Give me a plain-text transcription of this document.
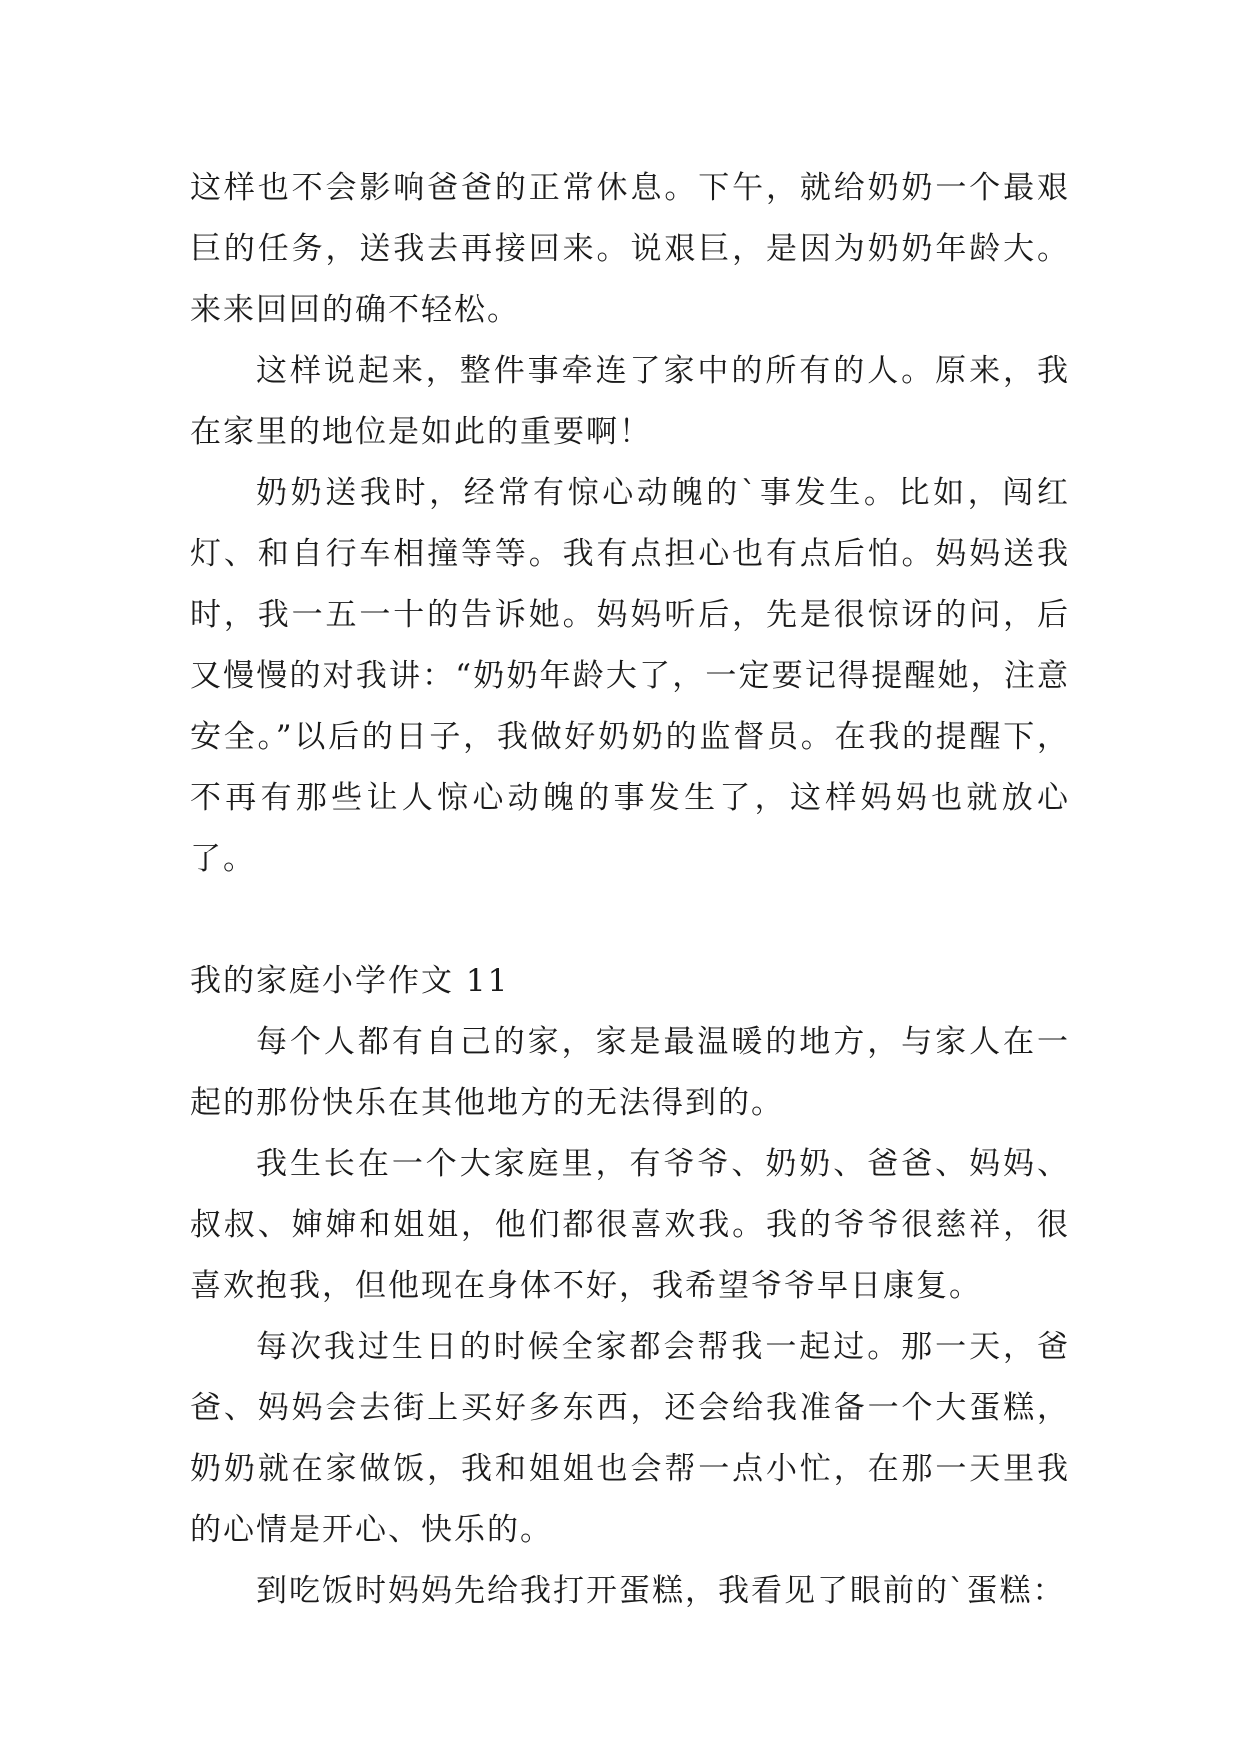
这样也不会影响爸爸的正常休息。下午，就给奶奶一个最艰巨的任务，送我去再接回来。说艰巨，是因为奶奶年龄大。来来回回的确不轻松。

这样说起来，整件事牵连了家中的所有的人。原来，我在家里的地位是如此的重要啊！

奶奶送我时，经常有惊心动魄的`事发生。比如，闯红灯、和自行车相撞等等。我有点担心也有点后怕。妈妈送我时，我一五一十的告诉她。妈妈听后，先是很惊讶的问，后又慢慢的对我讲：“奶奶年龄大了，一定要记得提醒她，注意安全。”以后的日子，我做好奶奶的监督员。在我的提醒下，不再有那些让人惊心动魄的事发生了，这样妈妈也就放心了。

我的家庭小学作文 11

每个人都有自己的家，家是最温暖的地方，与家人在一起的那份快乐在其他地方的无法得到的。

我生长在一个大家庭里，有爷爷、奶奶、爸爸、妈妈、叔叔、婶婶和姐姐，他们都很喜欢我。我的爷爷很慈祥，很喜欢抱我，但他现在身体不好，我希望爷爷早日康复。

每次我过生日的时候全家都会帮我一起过。那一天，爸爸、妈妈会去街上买好多东西，还会给我准备一个大蛋糕，奶奶就在家做饭，我和姐姐也会帮一点小忙，在那一天里我的心情是开心、快乐的。

到吃饭时妈妈先给我打开蛋糕，我看见了眼前的`蛋糕：
